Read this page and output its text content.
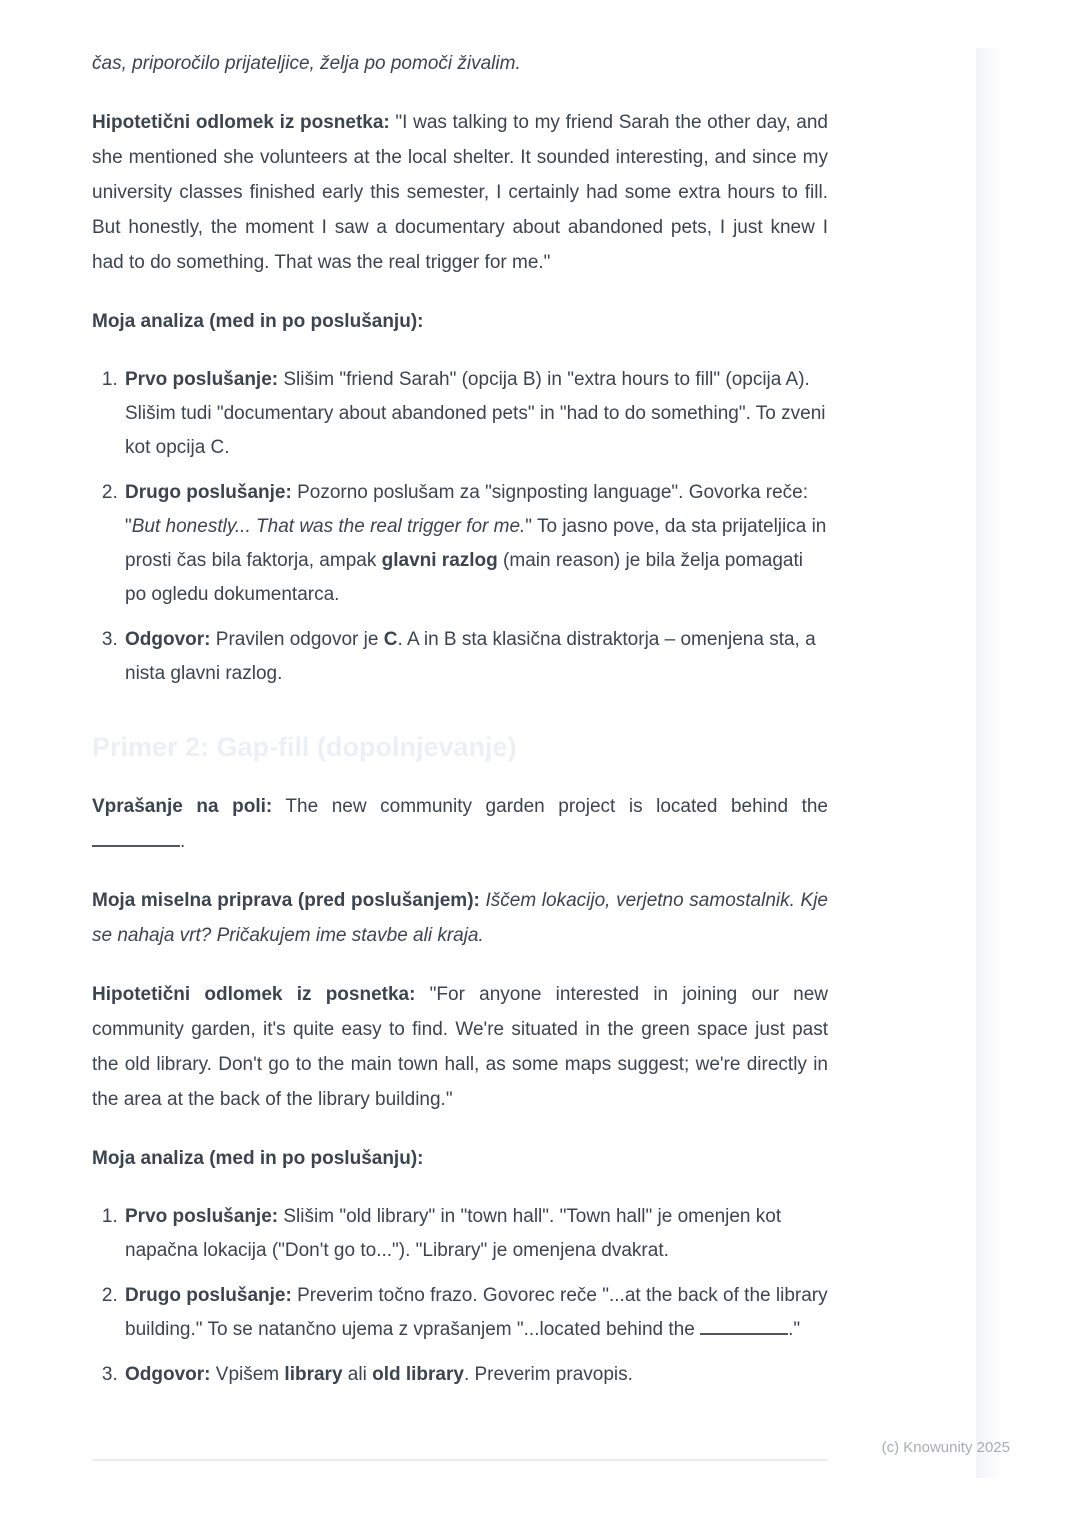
čas, priporočilo prijateljice, želja po pomoči živalim.

Hipotetični odlomek iz posnetka: "I was talking to my friend Sarah the other day, and she mentioned she volunteers at the local shelter. It sounded interesting, and since my university classes finished early this semester, I certainly had some extra hours to fill. But honestly, the moment I saw a documentary about abandoned pets, I just knew I had to do something. That was the real trigger for me."

Moja analiza (med in po poslušanju):

1. Prvo poslušanje: Slišim "friend Sarah" (opcija B) in "extra hours to fill" (opcija A). Slišim tudi "documentary about abandoned pets" in "had to do something". To zveni kot opcija C.
2. Drugo poslušanje: Pozorno poslušam za "signposting language". Govorka reče: "But honestly... That was the real trigger for me." To jasno pove, da sta prijateljica in prosti čas bila faktorja, ampak glavni razlog (main reason) je bila želja pomagati po ogledu dokumentarca.
3. Odgovor: Pravilen odgovor je C. A in B sta klasična distraktorja – omenjena sta, a nista glavni razlog.
Primer 2: Gap-fill (dopolnjevanje)

Vprašanje na poli: The new community garden project is located behind the .

Moja miselna priprava (pred poslušanjem): Iščem lokacijo, verjetno samostalnik. Kje se nahaja vrt? Pričakujem ime stavbe ali kraja.

Hipotetični odlomek iz posnetka: "For anyone interested in joining our new community garden, it's quite easy to find. We're situated in the green space just past the old library. Don't go to the main town hall, as some maps suggest; we're directly in the area at the back of the library building."

Moja analiza (med in po poslušanju):

1. Prvo poslušanje: Slišim "old library" in "town hall". "Town hall" je omenjen kot napačna lokacija ("Don't go to..."). "Library" je omenjena dvakrat.
2. Drugo poslušanje: Preverim točno frazo. Govorec reče "...at the back of the library building." To se natančno ujema z vprašanjem "...located behind the	."
3. Odgovor: Vpišem library ali old library. Preverim pravopis.
(c) Knowunity 2025
